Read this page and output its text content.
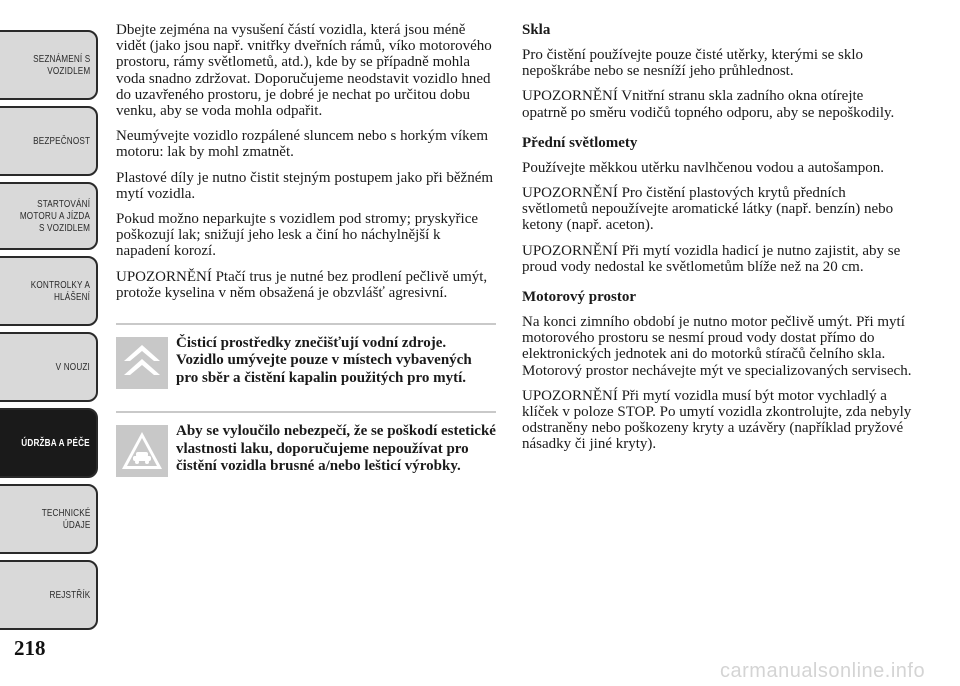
SEZNÁMENÍ S
VOZIDLEM
BEZPEČNOST
STARTOVÁNÍ
MOTORU A JÍZDA
S VOZIDLEM
KONTROLKY A
HLÁŠENÍ
V NOUZI
ÚDRŽBA A PÉČE
TECHNICKÉ
ÚDAJE
REJSTŘÍK
218

Dbejte zejména na vysušení částí vozidla, která jsou méně vidět (jako jsou např. vnitřky dveřních rámů, víko motorového prostoru, rámy světlometů, atd.), kde by se případně mohla voda snadno zdržovat. Doporučujeme neodstavit vozidlo hned do uzavřeného prostoru, je dobré je nechat po určitou dobu venku, aby se voda mohla odpařit.

Neumývejte vozidlo rozpálené sluncem nebo s horkým víkem motoru: lak by mohl zmatnět.

Plastové díly je nutno čistit stejným postupem jako při běžném mytí vozidla.

Pokud možno neparkujte s vozidlem pod stromy; pryskyřice poškozují lak; snižují jeho lesk a činí ho náchylnější k napadení korozí.

UPOZORNĚNÍ Ptačí trus je nutné bez prodlení pečlivě umýt, protože kyselina v něm obsažená je obzvlášť agresivní.

Čisticí prostředky znečišťují vodní zdroje. Vozidlo umývejte pouze v místech vybavených pro sběr a čistění kapalin použitých pro mytí.

Aby se vyloučilo nebezpečí, že se poškodí estetické vlastnosti laku, doporučujeme nepoužívat pro čistění vozidla brusné a/nebo lešticí výrobky.

Skla

Pro čistění používejte pouze čisté utěrky, kterými se sklo nepoškrábe nebo se nesníží jeho průhlednost.

UPOZORNĚNÍ Vnitřní stranu skla zadního okna otírejte opatrně po směru vodičů topného odporu, aby se nepoškodily.

Přední světlomety

Používejte měkkou utěrku navlhčenou vodou a autošampon.

UPOZORNĚNÍ Pro čistění plastových krytů předních světlometů nepoužívejte aromatické látky (např. benzín) nebo ketony (např. aceton).

UPOZORNĚNÍ Při mytí vozidla hadicí je nutno zajistit, aby se proud vody nedostal ke světlometům blíže než na 20 cm.

Motorový prostor

Na konci zimního období je nutno motor pečlivě umýt. Při mytí motorového prostoru se nesmí proud vody dostat přímo do elektronických jednotek ani do motorků stíračů čelního skla. Motorový prostor nechávejte mýt ve specializovaných servisech.

UPOZORNĚNÍ Při mytí vozidla musí být motor vychladlý a klíček v poloze STOP. Po umytí vozidla zkontrolujte, zda nebyly odstraněny nebo poškozeny kryty a uzávěry (například pryžové násadky či jiné kryty).

carmanualsonline.info
